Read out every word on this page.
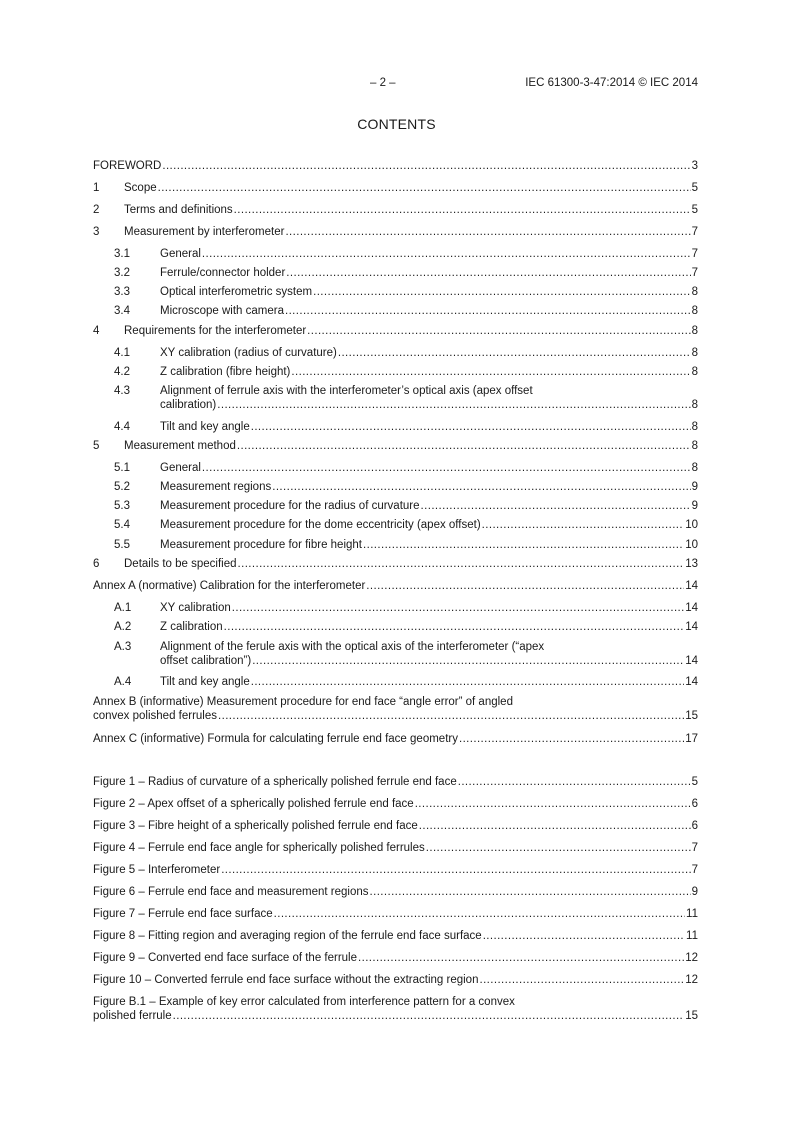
– 2 –	IEC 61300-3-47:2014 © IEC 2014
CONTENTS
FOREWORD .....	3
1 Scope .....	5
2 Terms and definitions .....	5
3 Measurement by interferometer .....	7
3.1	General .....	7
3.2	Ferrule/connector holder .....	7
3.3	Optical interferometric system .....	8
3.4	Microscope with camera .....	8
4 Requirements for the interferometer .....	8
4.1	XY calibration (radius of curvature) .....	8
4.2	Z calibration (fibre height) .....	8
4.3	Alignment of ferrule axis with the interferometer’s optical axis (apex offset
calibration) .....	8
4.4	Tilt and key angle .....	8
5 Measurement method .....	8
5.1	General .....	8
5.2	Measurement regions .....	9
5.3	Measurement procedure for the radius of curvature .....	9
5.4	Measurement procedure for the dome eccentricity (apex offset) .....	10
5.5	Measurement procedure for fibre height .....	10
6 Details to be specified .....	13
Annex A (normative) Calibration for the interferometer .....	14
A.1 XY calibration .....	14
A.2 Z calibration .....	14
A.3 Alignment of the ferule axis with the optical axis of the interferometer (“apex
offset calibration”) .....	14
A.4 Tilt and key angle .....	14
Annex B (informative) Measurement procedure for end face “angle error” of angled
convex polished ferrules .....	15
Annex C (informative) Formula for calculating ferrule end face geometry .....	17
Figure 1 – Radius of curvature of a spherically polished ferrule end face .....	5
Figure 2 – Apex offset of a spherically polished ferrule end face .....	6
Figure 3 – Fibre height of a spherically polished ferrule end face .....	6
Figure 4 – Ferrule end face angle for spherically polished ferrules .....	7
Figure 5 – Interferometer .....	7
Figure 6 – Ferrule end face and measurement regions .....	9
Figure 7 – Ferrule end face surface .....	11
Figure 8 – Fitting region and averaging region of the ferrule end face surface .....	11
Figure 9 – Converted end face surface of the ferrule .....	12
Figure 10 – Converted ferrule end face surface without the extracting region .....	12
Figure B.1 – Example of key error calculated from interference pattern for a convex
polished ferrule .....	15
